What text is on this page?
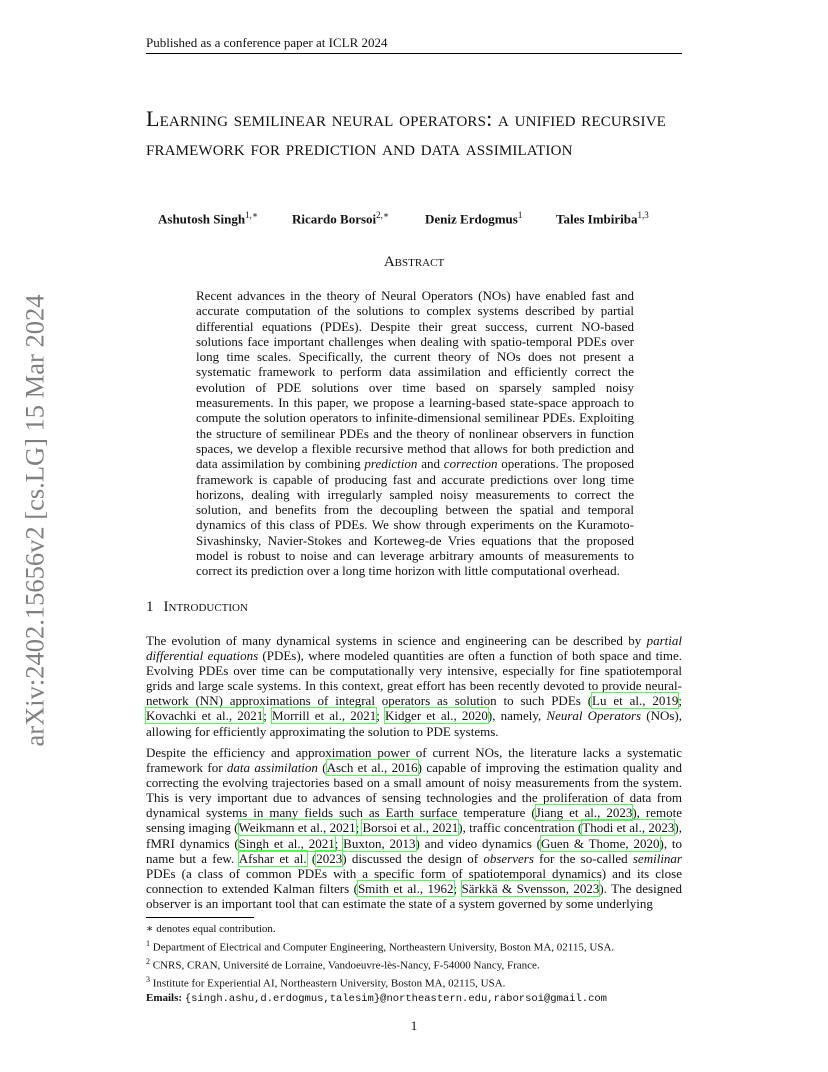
arXiv:2402.15656v2 [cs.LG] 15 Mar 2024
Published as a conference paper at ICLR 2024
Learning semilinear neural operators: a unified recursive framework for prediction and data assimilation
Ashutosh Singh$^{1,∗}$	Ricardo Borsoi$^{2,∗}$	Deniz Erdogmus$^1$	Tales Imbiriba$^{1,3}$
Abstract
Recent advances in the theory of Neural Operators (NOs) have enabled fast and accurate computation of the solutions to complex systems described by partial differential equations (PDEs). Despite their great success, current NO-based solutions face important challenges when dealing with spatio-temporal PDEs over long time scales. Specifically, the current theory of NOs does not present a systematic framework to perform data assimilation and efficiently correct the evolution of PDE solutions over time based on sparsely sampled noisy measurements. In this paper, we propose a learning-based state-space approach to compute the solution operators to infinite-dimensional semilinear PDEs. Exploiting the structure of semilinear PDEs and the theory of nonlinear observers in function spaces, we develop a flexible recursive method that allows for both prediction and data assimilation by combining prediction and correction operations. The proposed framework is capable of producing fast and accurate predictions over long time horizons, dealing with irregularly sampled noisy measurements to correct the solution, and benefits from the decoupling between the spatial and temporal dynamics of this class of PDEs. We show through experiments on the Kuramoto-Sivashinsky, Navier-Stokes and Korteweg-de Vries equations that the proposed model is robust to noise and can leverage arbitrary amounts of measurements to correct its prediction over a long time horizon with little computational overhead.
1 Introduction
The evolution of many dynamical systems in science and engineering can be described by partial differential equations (PDEs), where modeled quantities are often a function of both space and time. Evolving PDEs over time can be computationally very intensive, especially for fine spatiotemporal grids and large scale systems. In this context, great effort has been recently devoted to provide neural-network (NN) approximations of integral operators as solution to such PDEs (Lu et al., 2019; Kovachki et al., 2021; Morrill et al., 2021; Kidger et al., 2020), namely, Neural Operators (NOs), allowing for efficiently approximating the solution to PDE systems.
Despite the efficiency and approximation power of current NOs, the literature lacks a systematic framework for data assimilation (Asch et al., 2016) capable of improving the estimation quality and correcting the evolving trajectories based on a small amount of noisy measurements from the system. This is very important due to advances of sensing technologies and the proliferation of data from dynamical systems in many fields such as Earth surface temperature (Jiang et al., 2023), remote sensing imaging (Weikmann et al., 2021; Borsoi et al., 2021), traffic concentration (Thodi et al., 2023), fMRI dynamics (Singh et al., 2021; Buxton, 2013) and video dynamics (Guen & Thome, 2020), to name but a few. Afshar et al. (2023) discussed the design of observers for the so-called semilinar PDEs (a class of common PDEs with a specific form of spatiotemporal dynamics) and its close connection to extended Kalman filters (Smith et al., 1962; Särkkä & Svensson, 2023). The designed observer is an important tool that can estimate the state of a system governed by some underlying
∗ denotes equal contribution.
$^1$ Department of Electrical and Computer Engineering, Northeastern University, Boston MA, 02115, USA.
$^2$ CNRS, CRAN, Université de Lorraine, Vandoeuvre-lès-Nancy, F-54000 Nancy, France.
$^3$ Institute for Experiential AI, Northeastern University, Boston MA, 02115, USA.
Emails: {singh.ashu,d.erdogmus,talesim}@northeastern.edu,raborsoi@gmail.com
1
